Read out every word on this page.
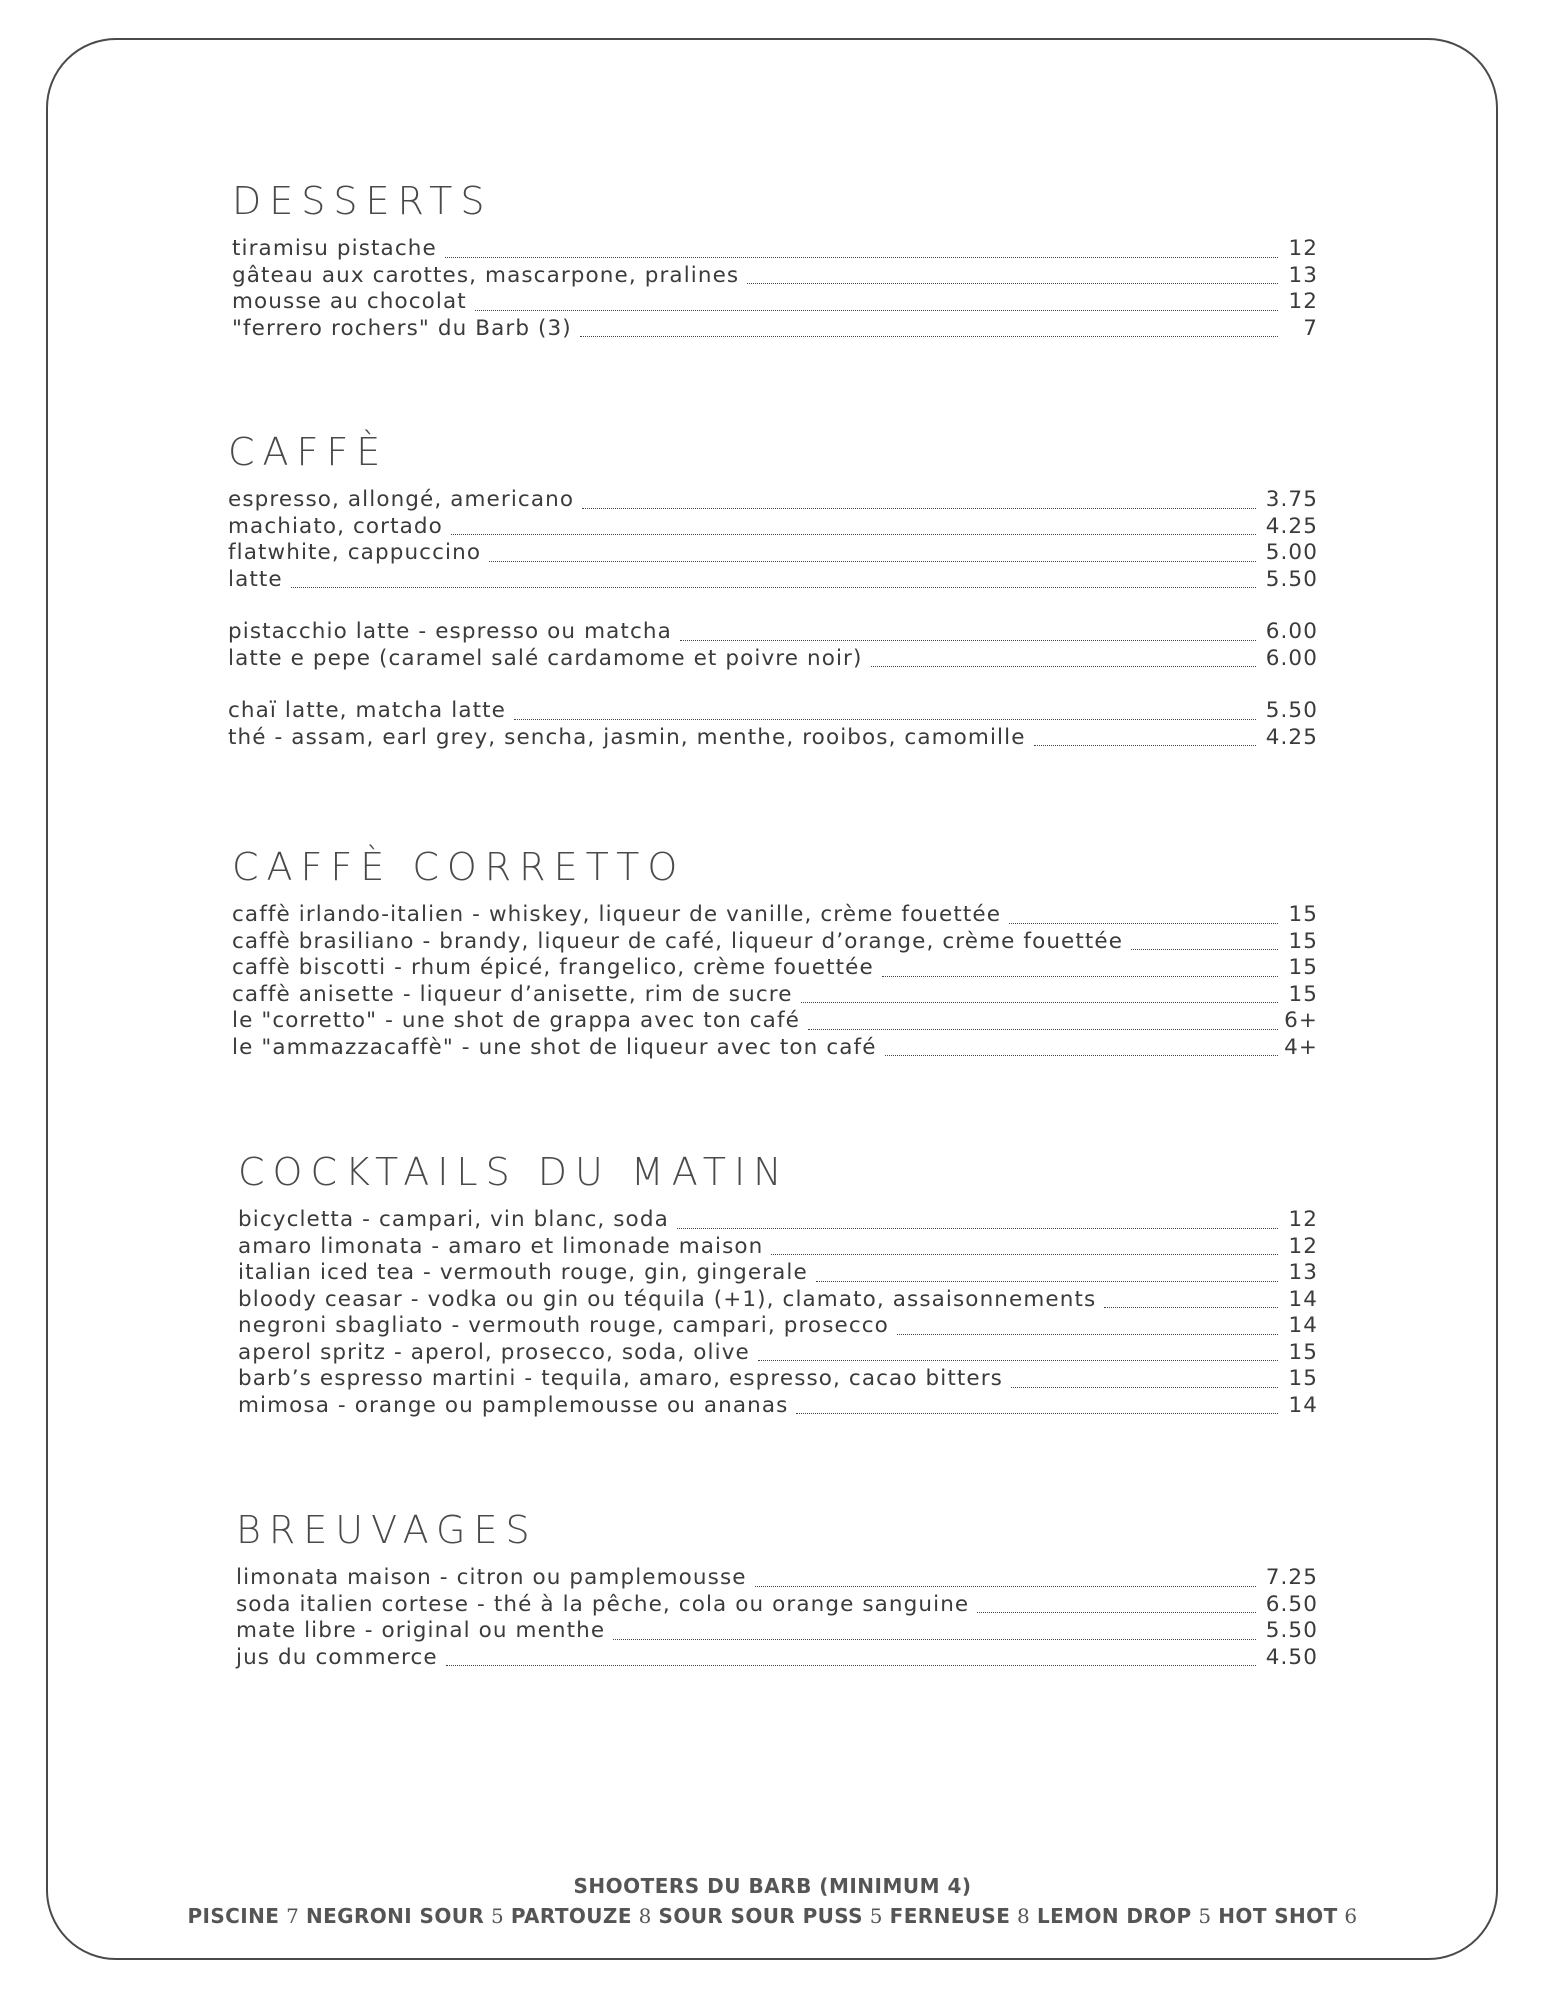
DESSERTS
tiramisu pistache	12
gâteau aux carottes, mascarpone, pralines	13
mousse au chocolat	12
"ferrero rochers" du Barb (3)	7
CAFFÈ
espresso, allongé, americano	3.75
machiato, cortado	4.25
flatwhite, cappuccino	5.00
latte	5.50
pistacchio latte - espresso ou matcha	6.00
latte e pepe (caramel salé cardamome et poivre noir)	6.00
chaï latte, matcha latte	5.50
thé - assam, earl grey, sencha, jasmin, menthe, rooibos, camomille	4.25
CAFFÈ CORRETTO
caffè irlando-italien - whiskey, liqueur de vanille, crème fouettée	15
caffè brasiliano - brandy, liqueur de café, liqueur d’orange, crème fouettée	15
caffè biscotti - rhum épicé, frangelico, crème fouettée	15
caffè anisette - liqueur d’anisette, rim de sucre	15
le "corretto" - une shot de grappa avec ton café	6+
le "ammazzacaffè" - une shot de liqueur avec ton café	4+
COCKTAILS DU MATIN
bicycletta - campari, vin blanc, soda	12
amaro limonata - amaro et limonade maison	12
italian iced tea - vermouth rouge, gin, gingerale	13
bloody ceasar - vodka ou gin ou téquila (+1), clamato, assaisonnements	14
negroni sbagliato - vermouth rouge, campari, prosecco	14
aperol spritz - aperol, prosecco, soda, olive	15
barb’s espresso martini - tequila, amaro, espresso, cacao bitters	15
mimosa - orange ou pamplemousse ou ananas	14
BREUVAGES
limonata maison - citron ou pamplemousse	7.25
soda italien cortese - thé à la pêche, cola ou orange sanguine	6.50
mate libre - original ou menthe	5.50
jus du commerce	4.50
SHOOTERS DU BARB (MINIMUM 4)
PISCINE 7 NEGRONI SOUR 5 PARTOUZE 8 SOUR SOUR PUSS 5 FERNEUSE 8 LEMON DROP 5 HOT SHOT 6
